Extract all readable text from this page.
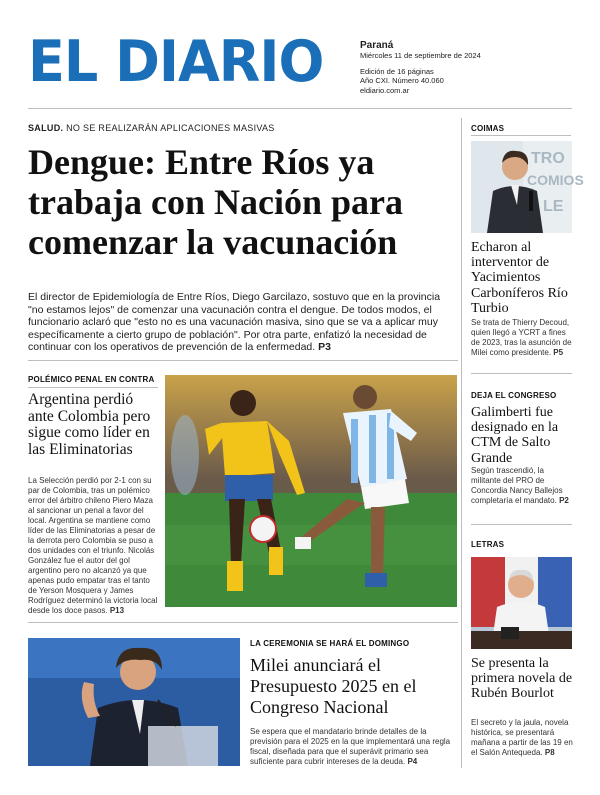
EL DIARIO	Paraná
Miércoles 11 de septiembre de 2024
Edición de 16 páginas
Año CXI. Número 40.060
eldiario.com.ar
SALUD. NO SE REALIZARÁN APLICACIONES MASIVAS
Dengue: Entre Ríos ya trabaja con Nación para comenzar la vacunación
El director de Epidemiología de Entre Ríos, Diego Garcilazo, sostuvo que en la provincia "no estamos lejos" de comenzar una vacunación contra el dengue. De todos modos, el funcionario aclaró que "esto no es una vacunación masiva, sino que se va a aplicar muy específicamente a cierto grupo de población". Por otra parte, enfatizó la necesidad de continuar con los operativos de prevención de la enfermedad. P3
POLÉMICO PENAL EN CONTRA
Argentina perdió ante Colombia pero sigue como líder en las Eliminatorias
La Selección perdió por 2-1 con su par de Colombia, tras un polémico error del árbitro chileno Piero Maza al sancionar un penal a favor del local. Argentina se mantiene como líder de las Eliminatorias a pesar de la derrota pero Colombia se puso a dos unidades con el triunfo. Nicolás González fue el autor del gol argentino pero no alcanzó ya que apenas pudo empatar tras el tanto de Yerson Mosquera y James Rodríguez determinó la victoria local desde los doce pasos. P13
LA CEREMONIA SE HARÁ EL DOMINGO
Milei anunciará el Presupuesto 2025 en el Congreso Nacional
Se espera que el mandatario brinde detalles de la previsión para el 2025 en la que implementará una regla fiscal, diseñada para que el superávit primario sea suficiente para cubrir intereses de la deuda. P4
COIMAS
TRO
COMIOS
LE
Echaron al interventor de Yacimientos Carboníferos Río Turbio
Se trata de Thierry Decoud, quien llegó a YCRT a fines de 2023, tras la asunción de Milei como presidente. P5
DEJA EL CONGRESO
Galimberti fue designado en la CTM de Salto Grande
Según trascendió, la militante del PRO de Concordia Nancy Ballejos completaría el mandato. P2
LETRAS
Se presenta la primera novela de Rubén Bourlot
El secreto y la jaula, novela histórica, se presentará mañana a partir de las 19 en el Salón Antequeda. P8
